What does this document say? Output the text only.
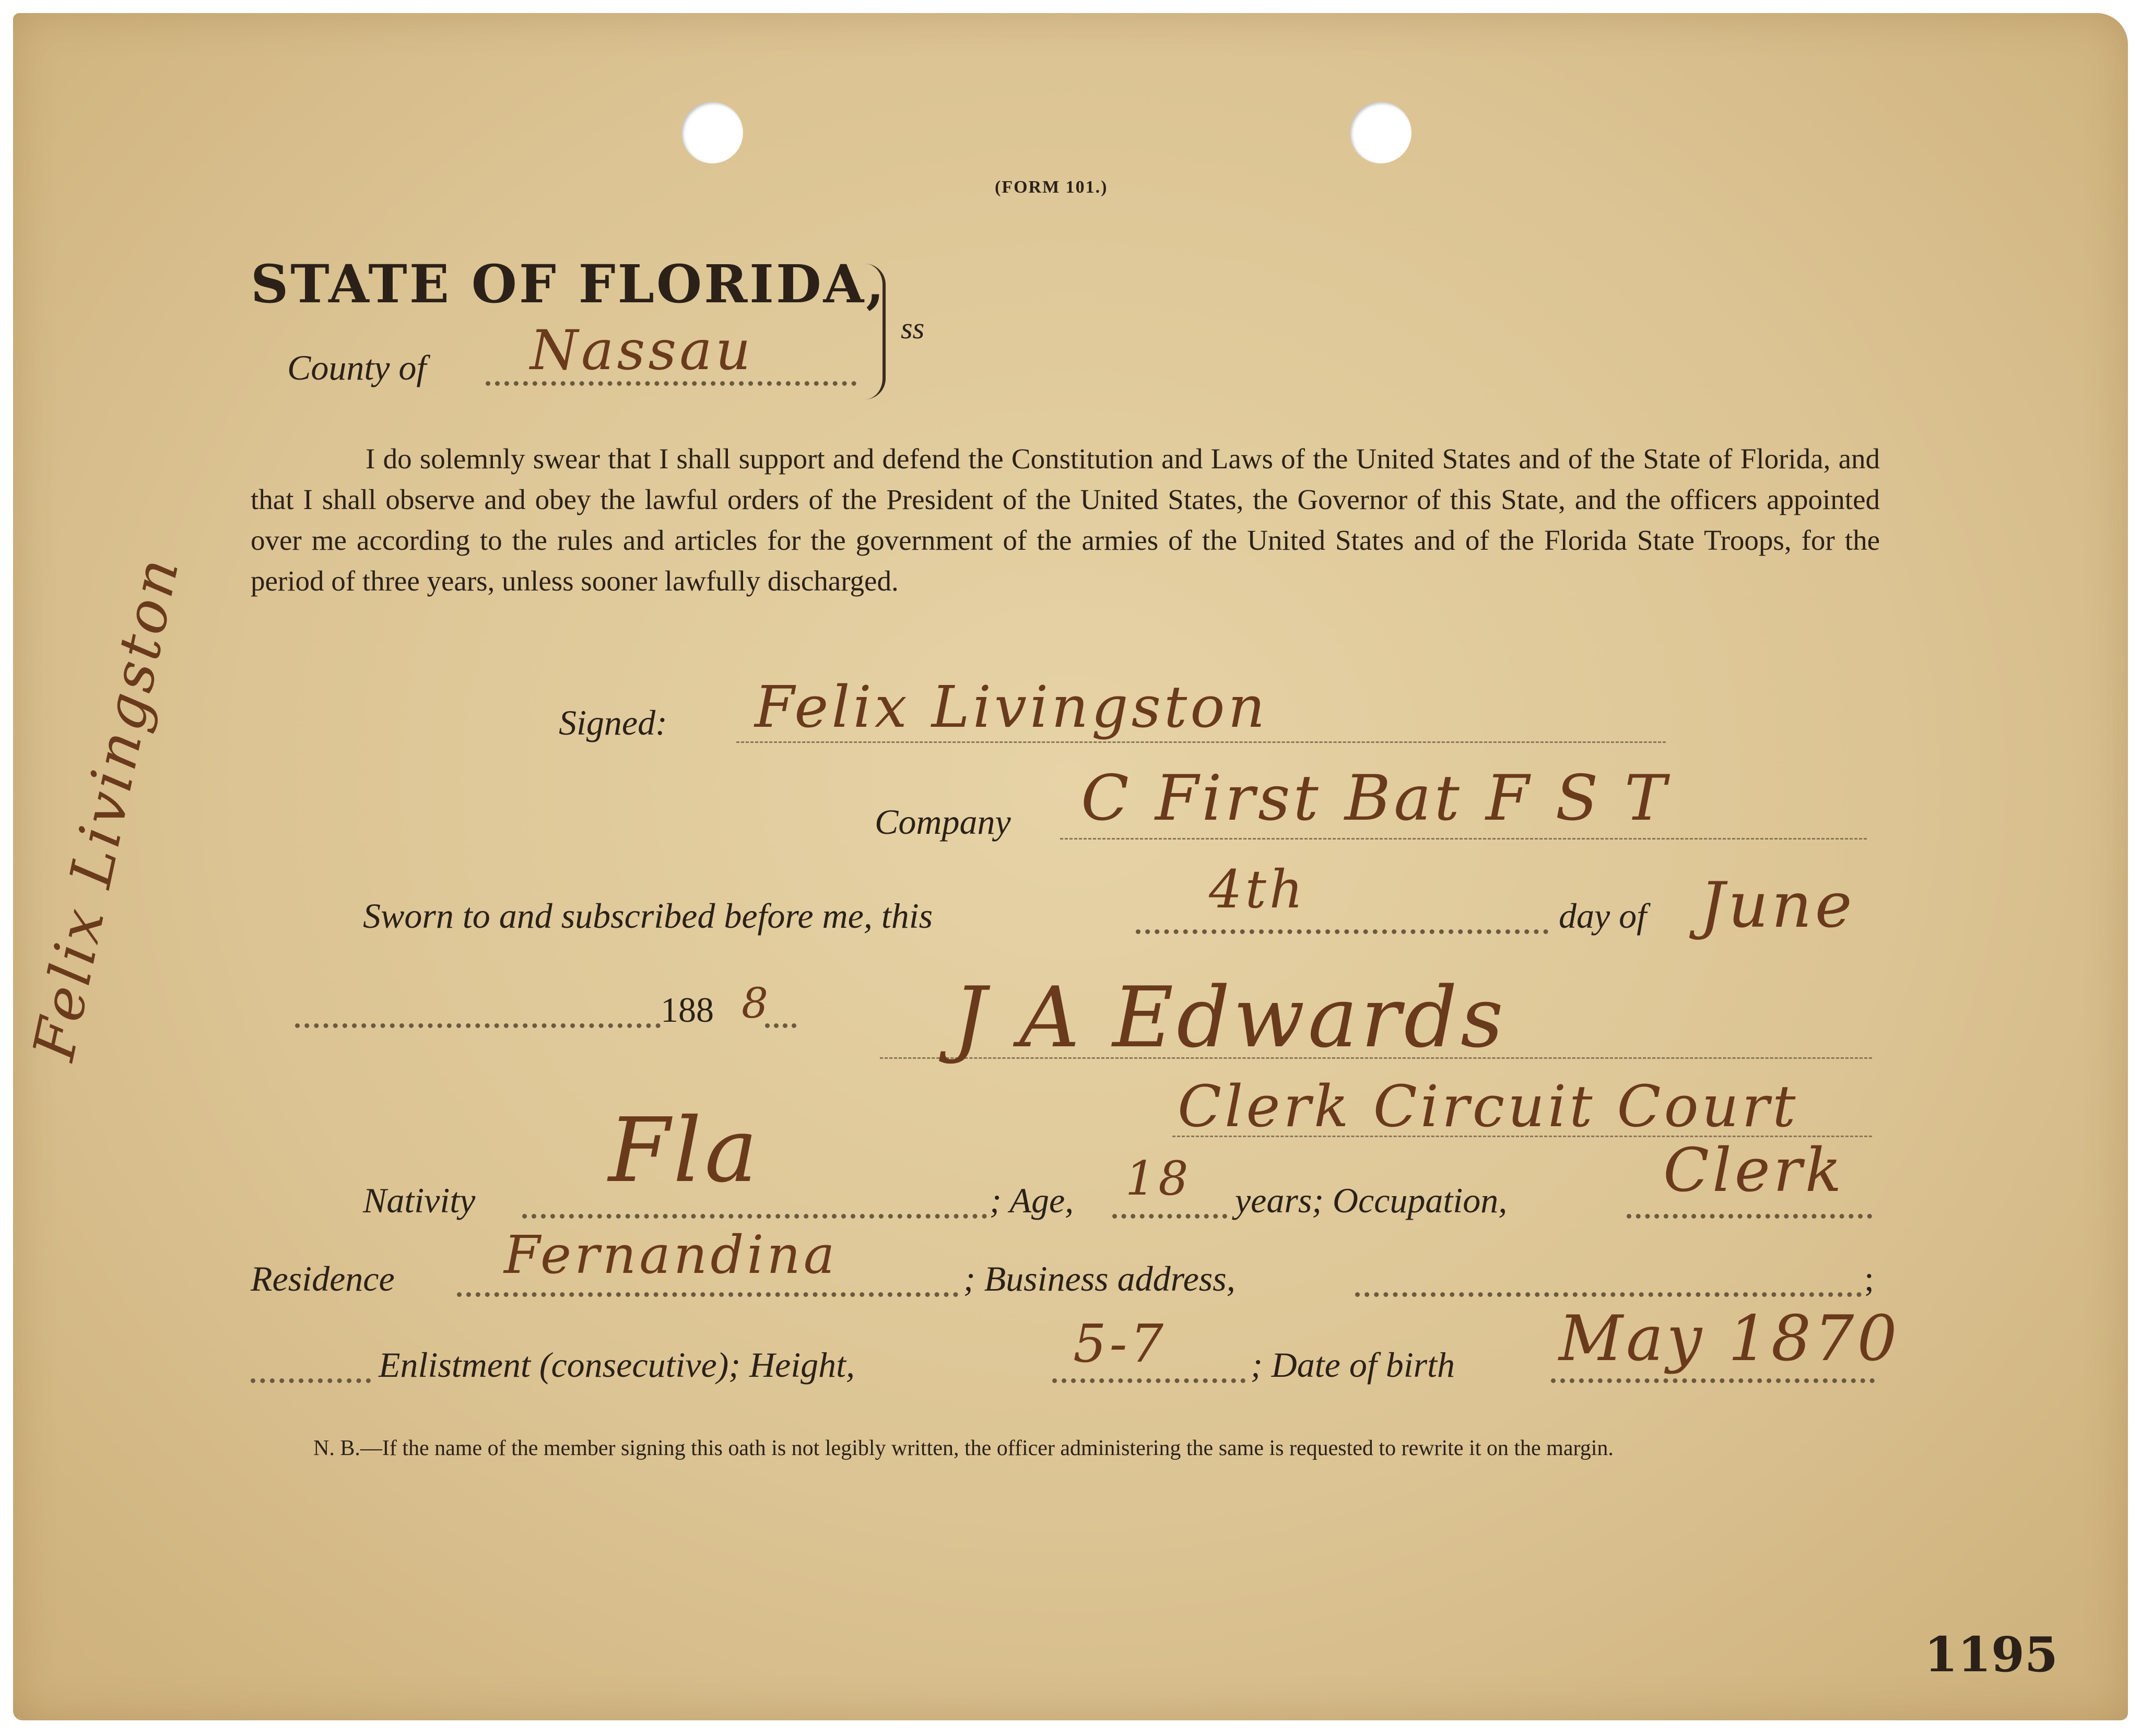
Felix Livingston
(FORM 101.)
STATE OF FLORIDA,
County of Nassau	ss
I do solemnly swear that I shall support and defend the Constitution and Laws of the United States and of the State of Florida, and that I shall observe and obey the lawful orders of the President of the United States, the Governor of this State, and the officers appointed over me according to the rules and articles for the government of the armies of the United States and of the Florida State Troops, for the period of three years, unless sooner lawfully discharged.
Signed: Felix Livingston
Company C First Bat F S T
Sworn to and subscribed before me, this	4th	day of June
188 8 J A Edwards
Clerk Circuit Court
Nativity Fla	; Age, 18 years; Occupation,	Clerk
Residence Fernandina	; Business address,	;
Enlistment (consecutive); Height,	5-7 ; Date of birth May 1870
N. B.—If the name of the member signing this oath is not legibly written, the officer administering the same is requested to rewrite it on the margin.
1195
